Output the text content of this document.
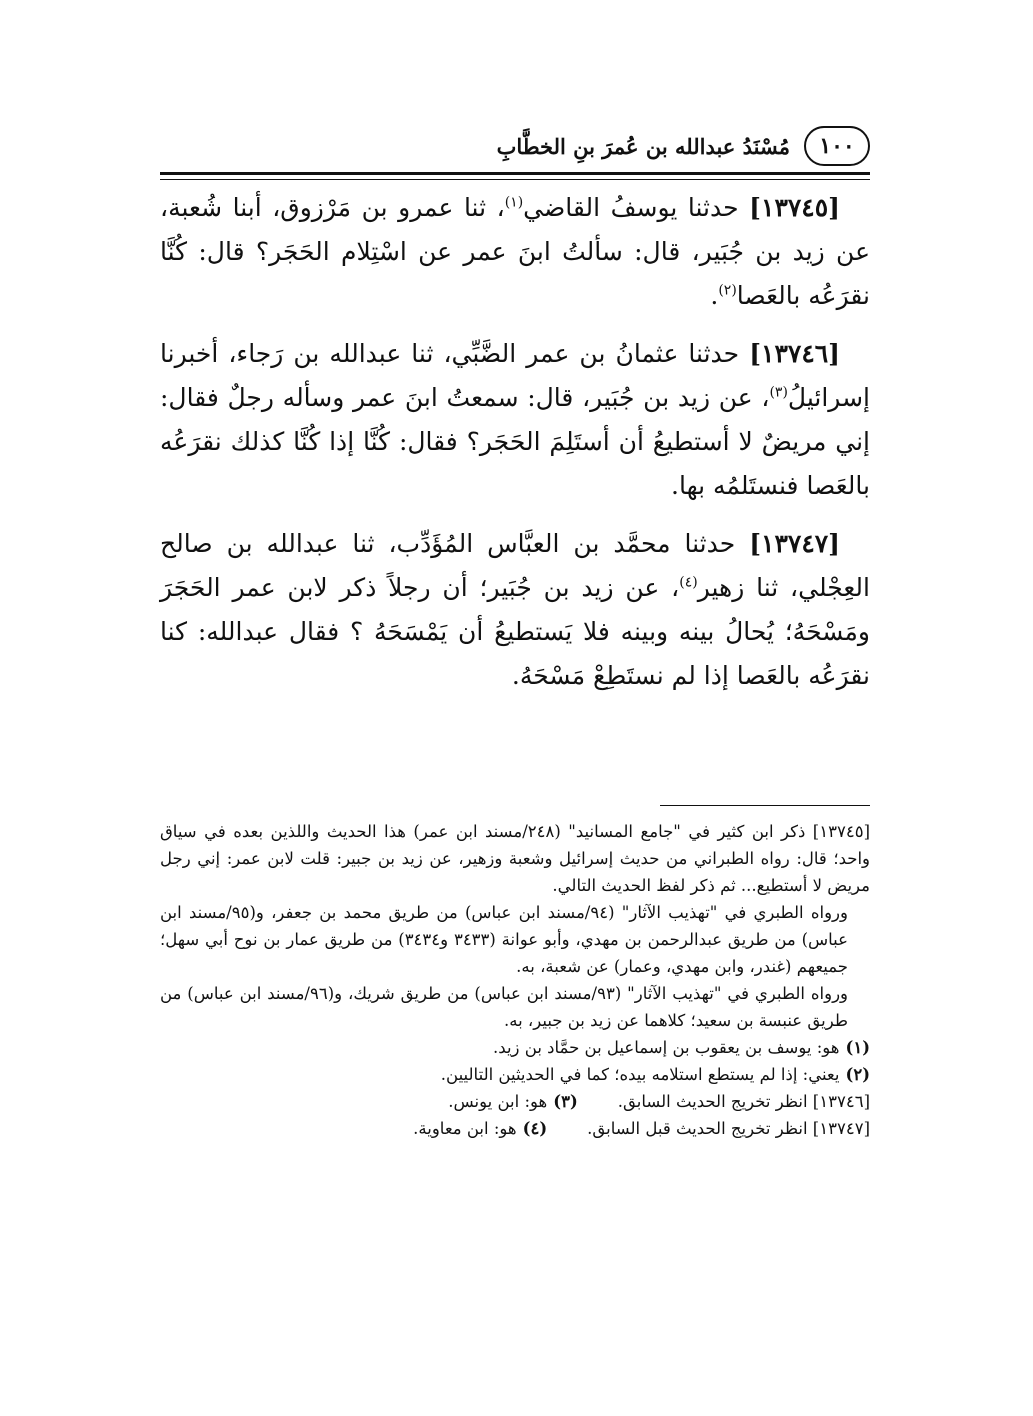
١٠٠
مُسْنَدُ عبدالله بن عُمرَ بنِ الخطَّابِ

[١٣٧٤٥] حدثنا يوسفُ القاضي$^{(١)}$، ثنا عمرو بن مَرْزوق، أبنا شُعبة، عن زيد بن جُبَير، قال: سألتُ ابنَ عمر عن اسْتِلام الحَجَر؟ قال: كُنَّا نقرَعُه بالعَصا$^{(٢)}$.

[١٣٧٤٦] حدثنا عثمانُ بن عمر الضَّبِّي، ثنا عبدالله بن رَجاء، أخبرنا إسرائيلُ$^{(٣)}$، عن زيد بن جُبَير، قال: سمعتُ ابنَ عمر وسأله رجلٌ فقال: إني مريضٌ لا أستطيعُ أن أستَلِمَ الحَجَر؟ فقال: كُنَّا إذا كُنَّا كذلك نقرَعُه بالعَصا فنستَلمُه بها.

[١٣٧٤٧] حدثنا محمَّد بن العبَّاس المُؤَدِّب، ثنا عبدالله بن صالح العِجْلي، ثنا زهير$^{(٤)}$، عن زيد بن جُبَير؛ أن رجلاً ذكر لابن عمر الحَجَرَ ومَسْحَهُ؛ يُحالُ بينه وبينه فلا يَستطيعُ أن يَمْسَحَهُ ؟ فقال عبدالله: كنا نقرَعُه بالعَصا إذا لم نستَطِعْ مَسْحَهُ.

[١٣٧٤٥] ذكر ابن كثير في "جامع المسانيد" (٢٤٨/مسند ابن عمر) هذا الحديث واللذين بعده في سياق واحد؛ قال: رواه الطبراني من حديث إسرائيل وشعبة وزهير، عن زيد بن جبير: قلت لابن عمر: إني رجل مريض لا أستطيع... ثم ذكر لفظ الحديث التالي.

ورواه الطبري في "تهذيب الآثار" (٩٤/مسند ابن عباس) من طريق محمد بن جعفر، و(٩٥/مسند ابن عباس) من طريق عبدالرحمن بن مهدي، وأبو عوانة (٣٤٣٣ و٣٤٣٤) من طريق عمار بن نوح أبي سهل؛ جميعهم (غندر، وابن مهدي، وعمار) عن شعبة، به.

ورواه الطبري في "تهذيب الآثار" (٩٣/مسند ابن عباس) من طريق شريك، و(٩٦/مسند ابن عباس) من طريق عنبسة بن سعيد؛ كلاهما عن زيد بن جبير، به.

(١)
هو: يوسف بن يعقوب بن إسماعيل بن حمَّاد بن زيد.
(٢)
يعني: إذا لم يستطع استلامه بيده؛ كما في الحديثين التاليين.
[١٣٧٤٦] انظر تخريج الحديث السابق.
(٣)
هو: ابن يونس.
[١٣٧٤٧] انظر تخريج الحديث قبل السابق.
(٤)
هو: ابن معاوية.
